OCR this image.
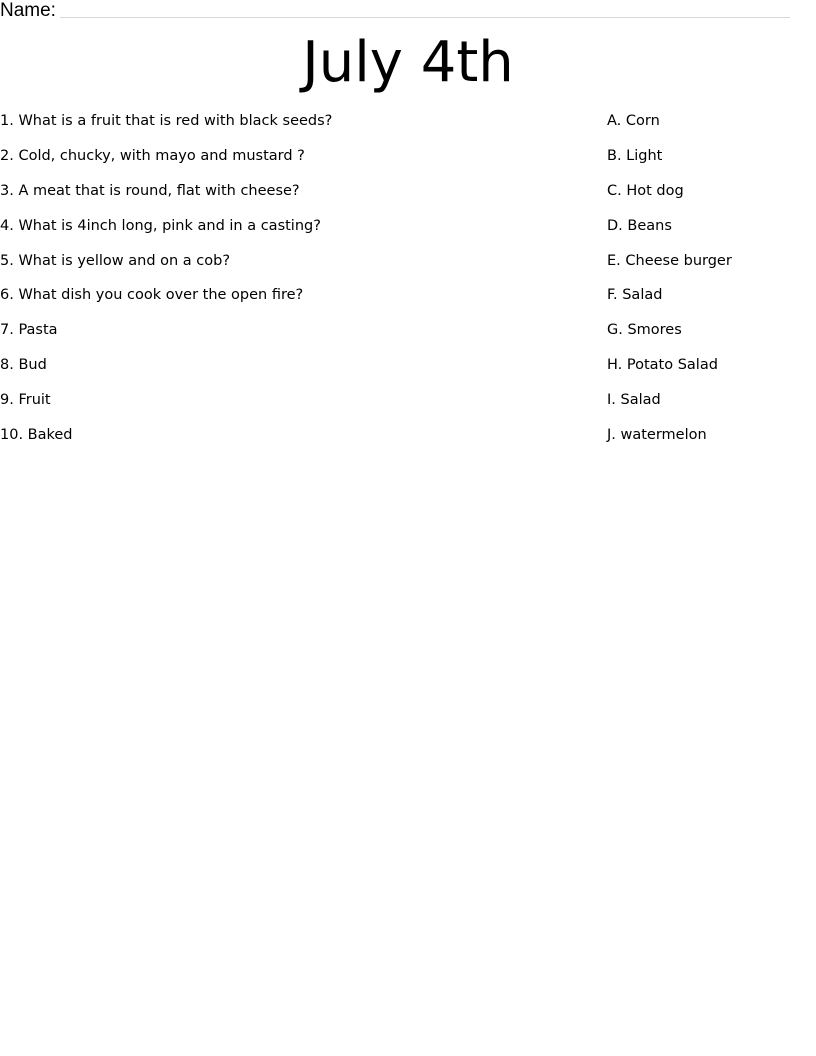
Name:
July 4th
1. What is a fruit that is red with black seeds?
2. Cold, chucky, with mayo and mustard ?
3. A meat that is round, flat with cheese?
4. What is 4inch long, pink and in a casting?
5. What is yellow and on a cob?
6. What dish you cook over the open fire?
7. Pasta
8. Bud
9. Fruit
10. Baked
A. Corn
B. Light
C. Hot dog
D. Beans
E. Cheese burger
F. Salad
G. Smores
H. Potato Salad
I. Salad
J. watermelon
